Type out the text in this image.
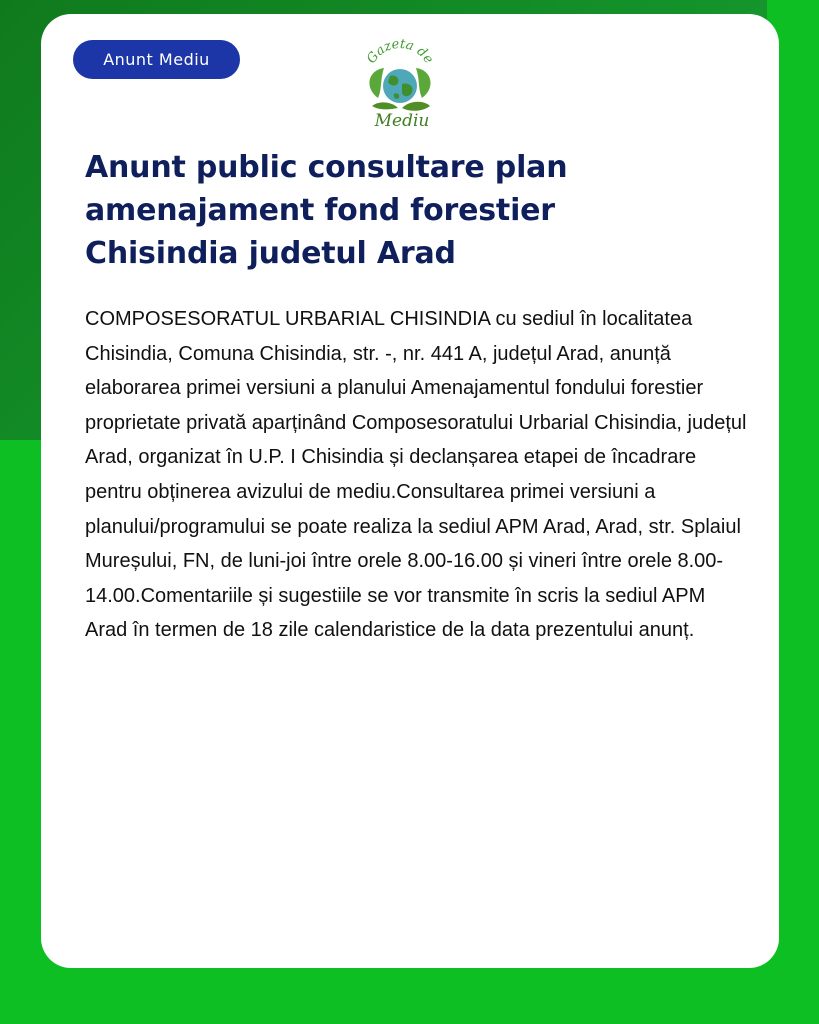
Anunt Mediu	Gazeta de
Mediu
Anunt public consultare plan amenajament fond forestier Chisindia judetul Arad

COMPOSESORATUL URBARIAL CHISINDIA cu sediul în localitatea Chisindia, Comuna Chisindia, str. -, nr. 441 A, județul Arad, anunță elaborarea primei versiuni a planului Amenajamentul fondului forestier proprietate privată aparținând Composesoratului Urbarial Chisindia, județul Arad, organizat în U.P. I Chisindia și declanșarea etapei de încadrare pentru obținerea avizului de mediu.Consultarea primei versiuni a planului/programului se poate realiza la sediul APM Arad, Arad, str. Splaiul Mureșului, FN, de luni-joi între orele 8.00-16.00 și vineri între orele 8.00-14.00.Comentariile și sugestiile se vor transmite în scris la sediul APM Arad în termen de 18 zile calendaristice de la data prezentului anunț.
